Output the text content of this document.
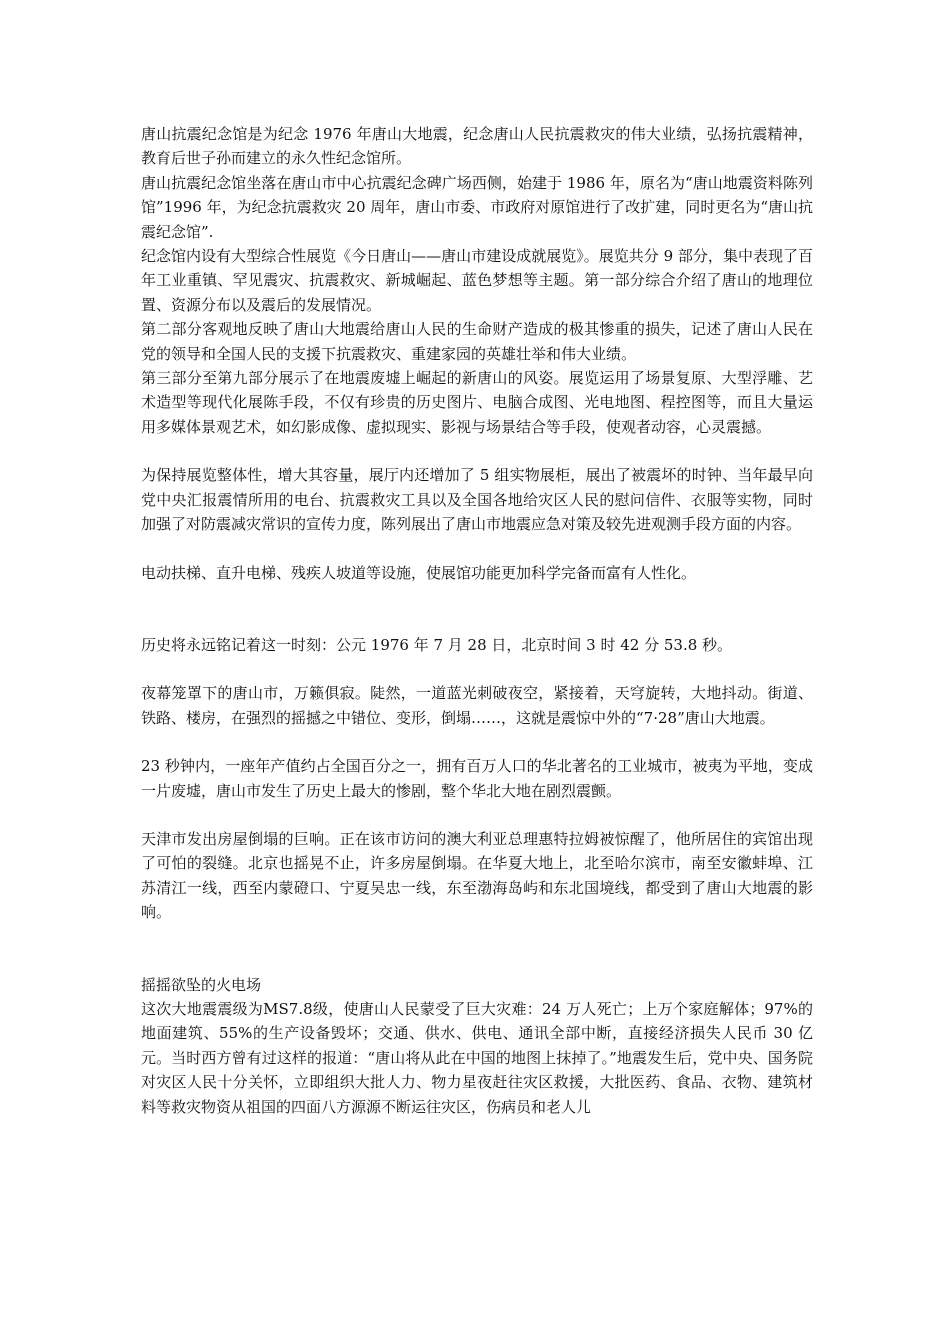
唐山抗震纪念馆是为纪念 1976 年唐山大地震，纪念唐山人民抗震救灾的伟大业绩，弘扬抗震精神，教育后世子孙而建立的永久性纪念馆所。

唐山抗震纪念馆坐落在唐山市中心抗震纪念碑广场西侧，始建于 1986 年，原名为“唐山地震资料陈列馆”1996 年，为纪念抗震救灾 20 周年，唐山市委、市政府对原馆进行了改扩建，同时更名为“唐山抗震纪念馆”.

纪念馆内设有大型综合性展览《今日唐山——唐山市建设成就展览》。展览共分 9 部分，集中表现了百年工业重镇、罕见震灾、抗震救灾、新城崛起、蓝色梦想等主题。第一部分综合介绍了唐山的地理位置、资源分布以及震后的发展情况。

第二部分客观地反映了唐山大地震给唐山人民的生命财产造成的极其惨重的损失，记述了唐山人民在党的领导和全国人民的支援下抗震救灾、重建家园的英雄壮举和伟大业绩。

第三部分至第九部分展示了在地震废墟上崛起的新唐山的风姿。展览运用了场景复原、大型浮雕、艺术造型等现代化展陈手段，不仅有珍贵的历史图片、电脑合成图、光电地图、程控图等，而且大量运用多媒体景观艺术，如幻影成像、虚拟现实、影视与场景结合等手段，使观者动容，心灵震撼。

为保持展览整体性，增大其容量，展厅内还增加了 5 组实物展柜，展出了被震坏的时钟、当年最早向党中央汇报震情所用的电台、抗震救灾工具以及全国各地给灾区人民的慰问信件、衣服等实物，同时加强了对防震减灾常识的宣传力度，陈列展出了唐山市地震应急对策及较先进观测手段方面的内容。

电动扶梯、直升电梯、残疾人坡道等设施，使展馆功能更加科学完备而富有人性化。

历史将永远铭记着这一时刻：公元 1976 年 7 月 28 日，北京时间 3 时 42 分 53.8 秒。

夜幕笼罩下的唐山市，万籁俱寂。陡然，一道蓝光刺破夜空，紧接着，天穹旋转，大地抖动。街道、铁路、楼房，在强烈的摇撼之中错位、变形，倒塌……，这就是震惊中外的“7·28”唐山大地震。

23 秒钟内，一座年产值约占全国百分之一，拥有百万人口的华北著名的工业城市，被夷为平地，变成一片废墟，唐山市发生了历史上最大的惨剧，整个华北大地在剧烈震颤。

天津市发出房屋倒塌的巨响。正在该市访问的澳大利亚总理惠特拉姆被惊醒了，他所居住的宾馆出现了可怕的裂缝。北京也摇晃不止，许多房屋倒塌。在华夏大地上，北至哈尔滨市，南至安徽蚌埠、江苏清江一线，西至内蒙磴口、宁夏吴忠一线，东至渤海岛屿和东北国境线，都受到了唐山大地震的影响。

摇摇欲坠的火电场

这次大地震震级为MS7.8级，使唐山人民蒙受了巨大灾难：24 万人死亡；上万个家庭解体；97%的地面建筑、55%的生产设备毁坏；交通、供水、供电、通讯全部中断，直接经济损失人民币 30 亿元。当时西方曾有过这样的报道：“唐山将从此在中国的地图上抹掉了。”地震发生后，党中央、国务院对灾区人民十分关怀，立即组织大批人力、物力星夜赶往灾区救援，大批医药、食品、衣物、建筑材料等救灾物资从祖国的四面八方源源不断运往灾区，伤病员和老人儿
